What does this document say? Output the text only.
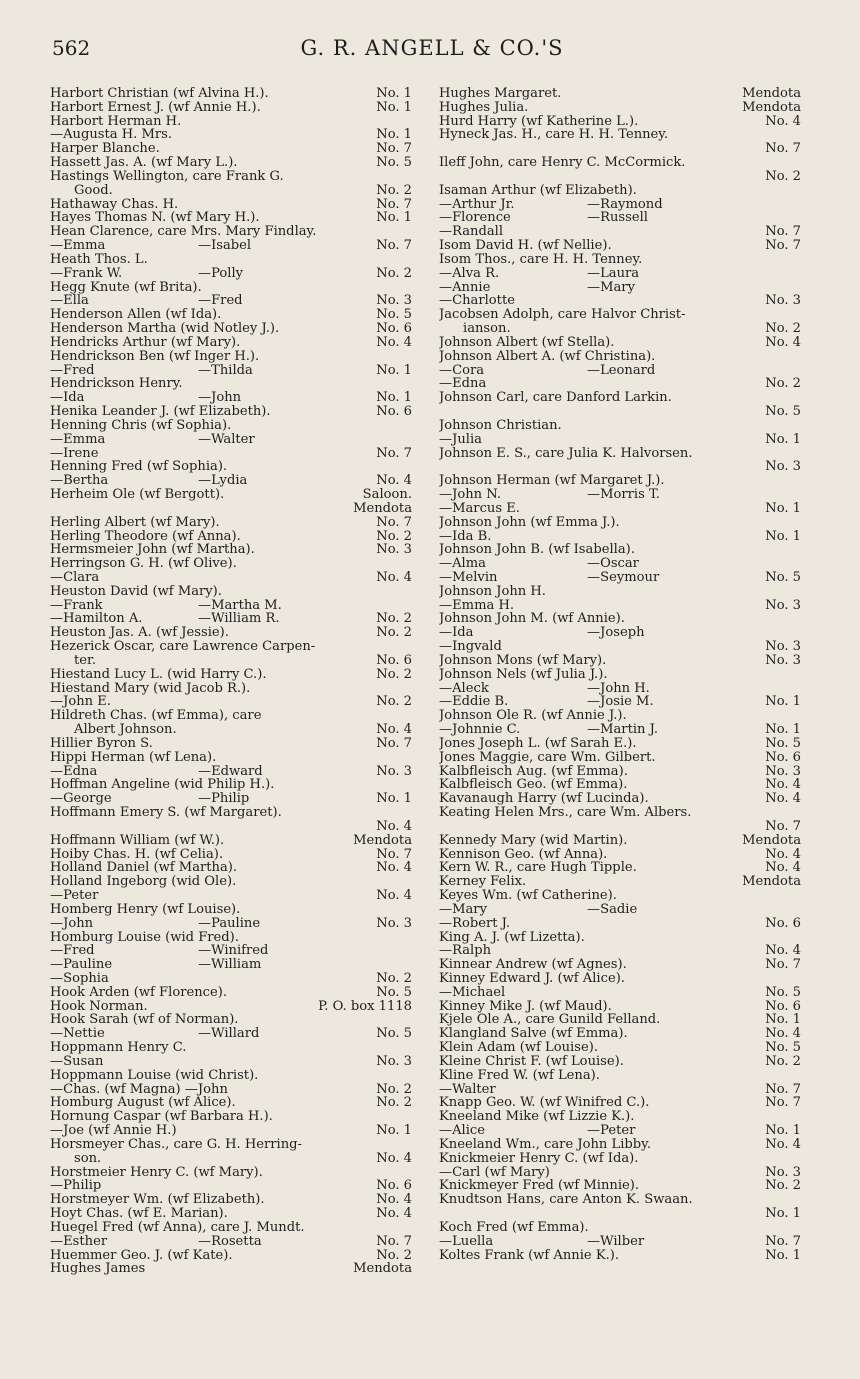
562	G. R. ANGELL & CO.'S
Harbort Christian (wf Alvina H.).	No. 1
Harbort Ernest J. (wf Annie H.).	No. 1
Harbort Herman H.
—Augusta H. Mrs.	No. 1
Harper Blanche.	No. 7
Hassett Jas. A. (wf Mary L.).	No. 5
Hastings Wellington, care Frank G.
Good.	No. 2
Hathaway Chas. H.	No. 7
Hayes Thomas N. (wf Mary H.).	No. 1
Hean Clarence, care Mrs. Mary Findlay.
—Emma	—Isabel	No. 7
Heath Thos. L.
—Frank W.	—Polly	No. 2
Hegg Knute (wf Brita).
—Ella	—Fred	No. 3
Henderson Allen (wf Ida).	No. 5
Henderson Martha (wid Notley J.).	No. 6
Hendricks Arthur (wf Mary).	No. 4
Hendrickson Ben (wf Inger H.).
—Fred	—Thilda	No. 1
Hendrickson Henry.
—Ida	—John	No. 1
Henika Leander J. (wf Elizabeth).	No. 6
Henning Chris (wf Sophia).
—Emma	—Walter
—Irene	No. 7
Henning Fred (wf Sophia).
—Bertha	—Lydia	No. 4
Herheim Ole (wf Bergott).	Saloon.
Mendota
Herling Albert (wf Mary).	No. 7
Herling Theodore (wf Anna).	No. 2
Hermsmeier John (wf Martha).	No. 3
Herringson G. H. (wf Olive).
—Clara	No. 4
Heuston David (wf Mary).
—Frank	—Martha M.
—Hamilton A.	—William R.	No. 2
Heuston Jas. A. (wf Jessie).	No. 2
Hezerick Oscar, care Lawrence Carpen-
ter.	No. 6
Hiestand Lucy L. (wid Harry C.).	No. 2
Hiestand Mary (wid Jacob R.).
—John E.	No. 2
Hildreth Chas. (wf Emma), care
Albert Johnson.	No. 4
Hillier Byron S.	No. 7
Hippi Herman (wf Lena).
—Edna	—Edward	No. 3
Hoffman Angeline (wid Philip H.).
—George	—Philip	No. 1
Hoffmann Emery S. (wf Margaret).
No. 4
Hoffmann William (wf W.).	Mendota
Hoiby Chas. H. (wf Celia).	No. 7
Holland Daniel (wf Martha).	No. 4
Holland Ingeborg (wid Ole).
—Peter	No. 4
Homberg Henry (wf Louise).
—John	—Pauline	No. 3
Homburg Louise (wid Fred).
—Fred	—Winifred
—Pauline	—William
—Sophia	No. 2
Hook Arden (wf Florence).	No. 5
Hook Norman.	P. O. box 1118
Hook Sarah (wf of Norman).
—Nettie	—Willard	No. 5
Hoppmann Henry C.
—Susan	No. 3
Hoppmann Louise (wid Christ).
—Chas. (wf Magna) —John	No. 2
Homburg August (wf Alice).	No. 2
Hornung Caspar (wf Barbara H.).
—Joe (wf Annie H.)	No. 1
Horsmeyer Chas., care G. H. Herring-
son.	No. 4
Horstmeier Henry C. (wf Mary).
—Philip	No. 6
Horstmeyer Wm. (wf Elizabeth).	No. 4
Hoyt Chas. (wf E. Marian).	No. 4
Huegel Fred (wf Anna), care J. Mundt.
—Esther	—Rosetta	No. 7
Huemmer Geo. J. (wf Kate).	No. 2
Hughes James	Mendota
Hughes Margaret.	Mendota
Hughes Julia.	Mendota
Hurd Harry (wf Katherine L.).	No. 4
Hyneck Jas. H., care H. H. Tenney.
No. 7
Ileff John, care Henry C. McCormick.
No. 2
Isaman Arthur (wf Elizabeth).
—Arthur Jr.	—Raymond
—Florence	—Russell
—Randall	No. 7
Isom David H. (wf Nellie).	No. 7
Isom Thos., care H. H. Tenney.
—Alva R.	—Laura
—Annie	—Mary
—Charlotte	No. 3
Jacobsen Adolph, care Halvor Christ-
ianson.	No. 2
Johnson Albert (wf Stella).	No. 4
Johnson Albert A. (wf Christina).
—Cora	—Leonard
—Edna	No. 2
Johnson Carl, care Danford Larkin.
No. 5
Johnson Christian.
—Julia	No. 1
Johnson E. S., care Julia K. Halvorsen.
No. 3
Johnson Herman (wf Margaret J.).
—John N.	—Morris T.
—Marcus E.	No. 1
Johnson John (wf Emma J.).
—Ida B.	No. 1
Johnson John B. (wf Isabella).
—Alma	—Oscar
—Melvin	—Seymour	No. 5
Johnson John H.
—Emma H.	No. 3
Johnson John M. (wf Annie).
—Ida	—Joseph
—Ingvald	No. 3
Johnson Mons (wf Mary).	No. 3
Johnson Nels (wf Julia J.).
—Aleck	—John H.
—Eddie B.	—Josie M.	No. 1
Johnson Ole R. (wf Annie J.).
—Johnnie C.	—Martin J.	No. 1
Jones Joseph L. (wf Sarah E.).	No. 5
Jones Maggie, care Wm. Gilbert.	No. 6
Kalbfleisch Aug. (wf Emma).	No. 3
Kalbfleisch Geo. (wf Emma).	No. 4
Kavanaugh Harry (wf Lucinda).	No. 4
Keating Helen Mrs., care Wm. Albers.
No. 7
Kennedy Mary (wid Martin).	Mendota
Kennison Geo. (wf Anna).	No. 4
Kern W. R., care Hugh Tipple.	No. 4
Kerney Felix.	Mendota
Keyes Wm. (wf Catherine).
—Mary	—Sadie
—Robert J.	No. 6
King A. J. (wf Lizetta).
—Ralph	No. 4
Kinnear Andrew (wf Agnes).	No. 7
Kinney Edward J. (wf Alice).
—Michael	No. 5
Kinney Mike J. (wf Maud).	No. 6
Kjele Ole A., care Gunild Felland.	No. 1
Klangland Salve (wf Emma).	No. 4
Klein Adam (wf Louise).	No. 5
Kleine Christ F. (wf Louise).	No. 2
Kline Fred W. (wf Lena).
—Walter	No. 7
Knapp Geo. W. (wf Winifred C.).	No. 7
Kneeland Mike (wf Lizzie K.).
—Alice	—Peter	No. 1
Kneeland Wm., care John Libby.	No. 4
Knickmeier Henry C. (wf Ida).
—Carl (wf Mary)	No. 3
Knickmeyer Fred (wf Minnie).	No. 2
Knudtson Hans, care Anton K. Swaan.
No. 1
Koch Fred (wf Emma).
—Luella	—Wilber	No. 7
Koltes Frank (wf Annie K.).	No. 1
